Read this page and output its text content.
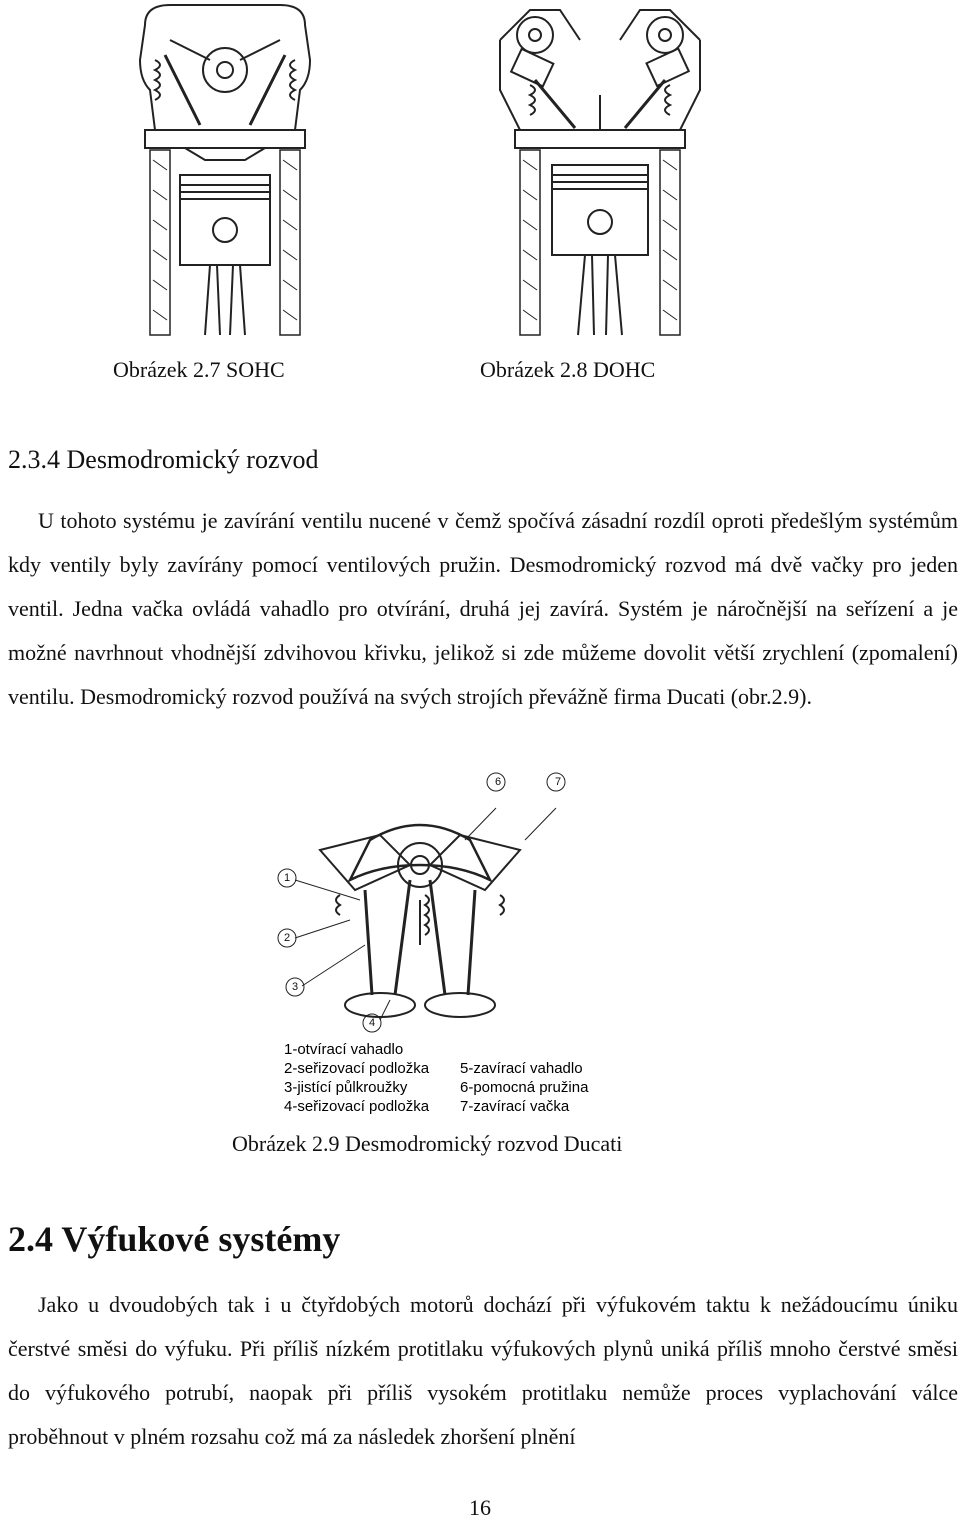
Obrázek 2.7 SOHC	Obrázek 2.8 DOHC
2.3.4 Desmodromický rozvod
U tohoto systému je zavírání ventilu nucené v čemž spočívá zásadní rozdíl oproti předešlým systémům kdy ventily byly zavírány pomocí ventilových pružin. Desmodromický rozvod má dvě vačky pro jeden ventil. Jedna vačka ovládá vahadlo pro otvírání, druhá jej zavírá. Systém je náročnější na seřízení a je možné navrhnout vhodnější zdvihovou křivku, jelikož si zde můžeme dovolit větší zrychlení (zpomalení) ventilu. Desmodromický rozvod používá na svých strojích převážně firma Ducati (obr.2.9).
6	7
1
2
3
4
1-otvírací vahadlo
2-seřizovací podložka
3-jistící půlkroužky
4-seřizovací podložka
5-zavírací vahadlo
6-pomocná pružina
7-zavírací vačka
Obrázek 2.9 Desmodromický rozvod Ducati
2.4 Výfukové systémy
Jako u dvoudobých tak i u čtyřdobých motorů dochází při výfukovém taktu k nežádoucímu úniku čerstvé směsi do výfuku. Při příliš nízkém protitlaku výfukových plynů uniká příliš mnoho čerstvé směsi do výfukového potrubí, naopak při příliš vysokém protitlaku nemůže proces vyplachování válce proběhnout v plném rozsahu což má za následek zhoršení plnění
16
